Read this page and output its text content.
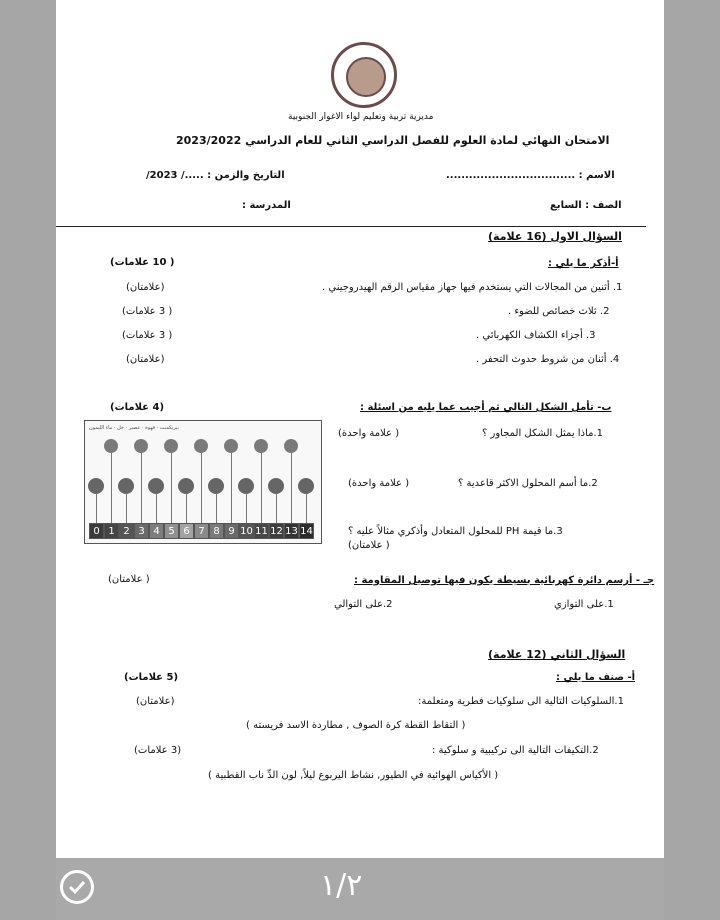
مديرية تربية وتعليم لواء الاغوار الجنوبية
الامتحان النهائي لمادة العلوم للفصل الدراسي الثاني للعام الدراسي 2023/2022
الاسم : ..................................
التاريخ والزمن : ...../ 2023/
الصف : السابع
المدرسة :
السؤال الاول (16 علامة)
أ-أذكر ما يلي :
( 10 علامات)
1. أثنين من المجالات التي يستخدم فيها جهاز مقياس الرقم الهيدروجيني .
(علامتان)
2. ثلاث خصائص للضوء .
( 3 علامات)
3. أجزاء الكشاف الكهربائي .
( 3 علامات)
4. أثنان من شروط حدوث التحفر .
(علامتان)
ب- تأمل الشكل التالي ثم أجيب عما يليه من اسئلة :
(4 علامات)
بيريكمنت · قهوة · عصير · خل · ماء الليمون
0 1 2 3 4 5 6 7 8 9 10 11 12 13 14
1.ماذا يمثل الشكل المجاور ؟
( علامة واحدة)
2.ما أسم المحلول الاكثر قاعدية ؟
( علامة واحدة)
3.ما قيمة PH للمحلول المتعادل وأذكري مثالاً عليه ؟
( علامتان)
جـ - أرسم دائرة كهربائية بسيطة يكون فيها توصيل المقاومة :
( علامتان)
1.على التوازي
2.على التوالي
السؤال الثاني (12 علامة)
أ- صنف ما يلي :
(5 علامات)
1.السلوكيات التالية الى سلوكيات فطرية ومتعلمة:
(علامتان)
( التقاط القطة كرة الصوف , مطاردة الاسد فريسته )
2.التكيفات التالية الى تركيبية و سلوكية :
(3 علامات)
( الأكياس الهوائية في الطيور, نشاط اليربوع ليلاً, لون الدِّ ناب القطبية )
١/٢
